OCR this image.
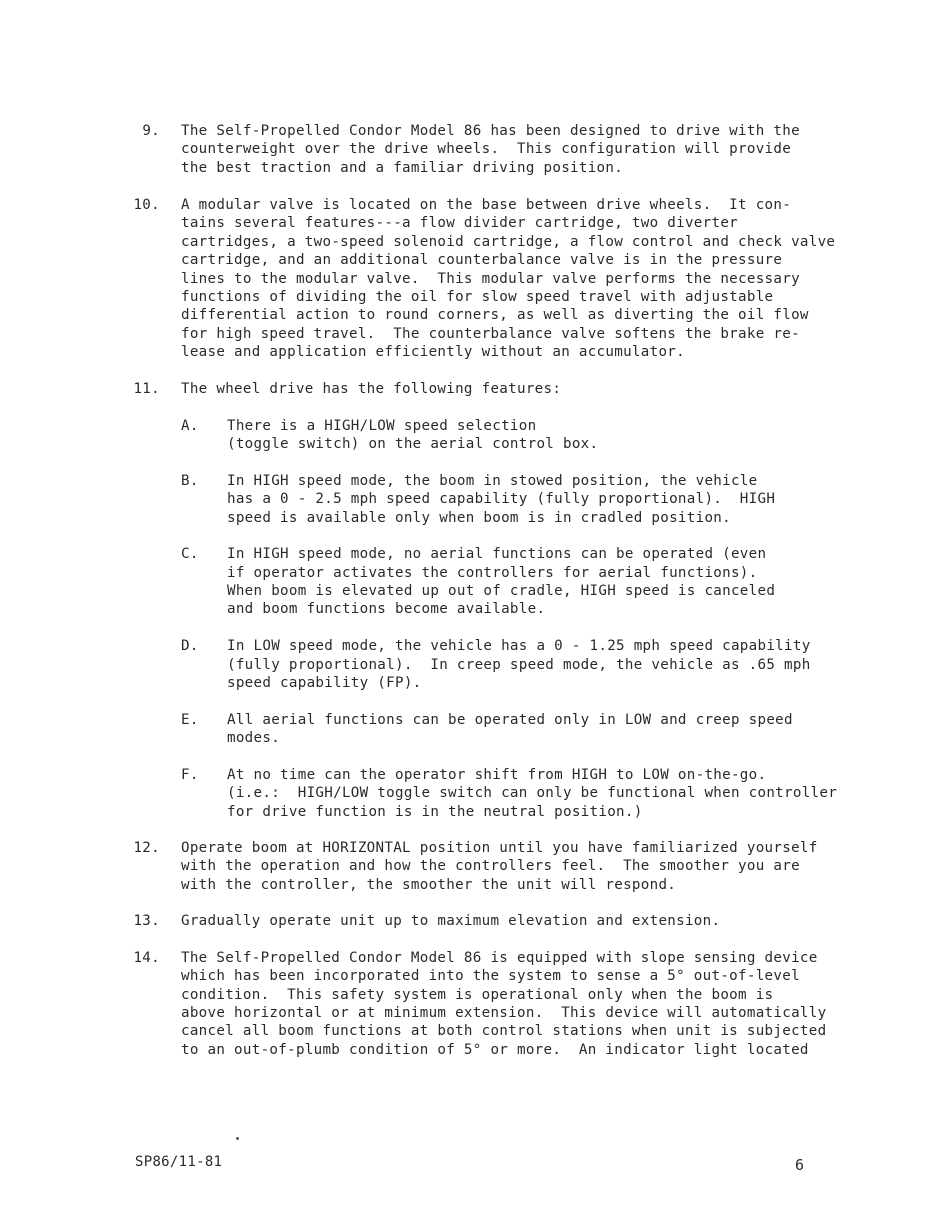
9. The Self-Propelled Condor Model 86 has been designed to drive with the
counterweight over the drive wheels.  This configuration will provide
the best traction and a familiar driving position.
10. A modular valve is located on the base between drive wheels.  It con-
tains several features---a flow divider cartridge, two diverter
cartridges, a two-speed solenoid cartridge, a flow control and check valve
cartridge, and an additional counterbalance valve is in the pressure
lines to the modular valve.  This modular valve performs the necessary
functions of dividing the oil for slow speed travel with adjustable
differential action to round corners, as well as diverting the oil flow
for high speed travel.  The counterbalance valve softens the brake re-
lease and application efficiently without an accumulator.
11. The wheel drive has the following features:
A. There is a HIGH/LOW speed selection
(toggle switch) on the aerial control box.
B. In HIGH speed mode, the boom in stowed position, the vehicle
has a 0 - 2.5 mph speed capability (fully proportional).  HIGH
speed is available only when boom is in cradled position.
C. In HIGH speed mode, no aerial functions can be operated (even
if operator activates the controllers for aerial functions).
When boom is elevated up out of cradle, HIGH speed is canceled
and boom functions become available.
D. In LOW speed mode, the vehicle has a 0 - 1.25 mph speed capability
(fully proportional).  In creep speed mode, the vehicle as .65 mph
speed capability (FP).
E. All aerial functions can be operated only in LOW and creep speed
modes.
F. At no time can the operator shift from HIGH to LOW on-the-go.
(i.e.:  HIGH/LOW toggle switch can only be functional when controller
for drive function is in the neutral position.)
12. Operate boom at HORIZONTAL position until you have familiarized yourself
with the operation and how the controllers feel.  The smoother you are
with the controller, the smoother the unit will respond.
13. Gradually operate unit up to maximum elevation and extension.
14. The Self-Propelled Condor Model 86 is equipped with slope sensing device
which has been incorporated into the system to sense a 5° out-of-level
condition.  This safety system is operational only when the boom is
above horizontal or at minimum extension.  This device will automatically
cancel all boom functions at both control stations when unit is subjected
to an out-of-plumb condition of 5° or more.  An indicator light located
SP86/11-81	6
